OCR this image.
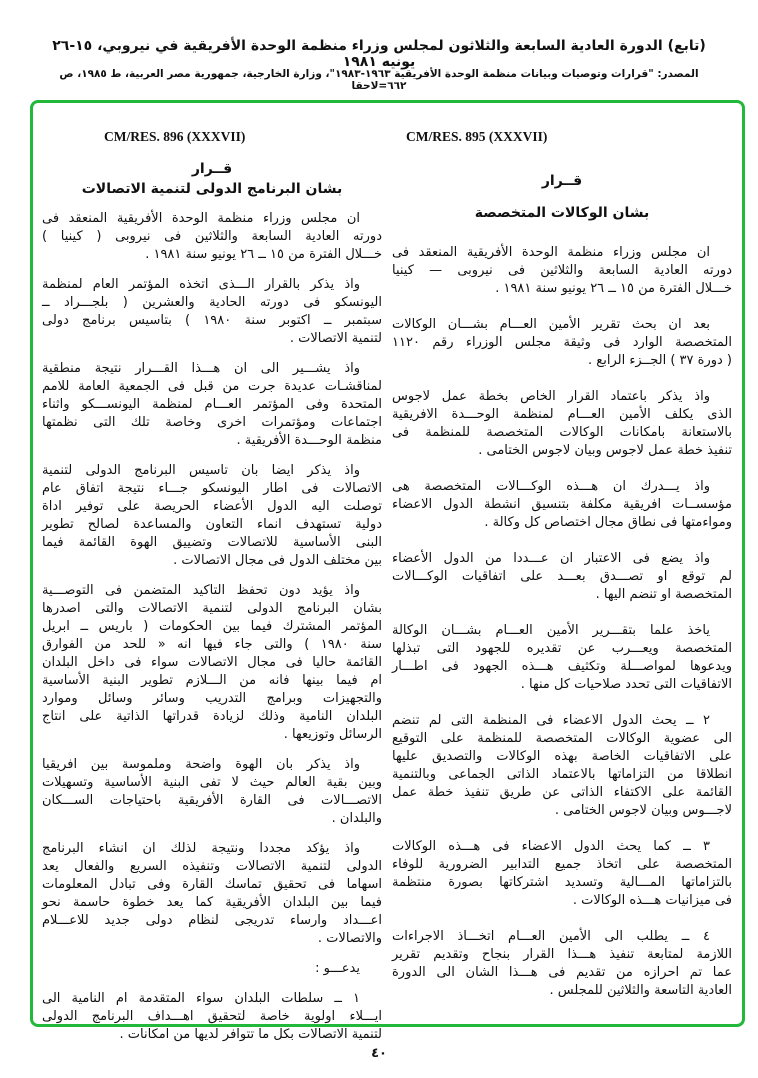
(تابع) الدورة العادية السابعة والثلاثون لمجلس وزراء منظمة الوحدة الأفريقية في نيروبي، ١٥-٢٦ يونيه ١٩٨١
المصدر: "قرارات وتوصيات وبيانات منظمة الوحدة الأفريقية ١٩٦٣-١٩٨٣"، وزارة الخارجية، جمهورية مصر العربية، ط ١٩٨٥، ص ٦٦٢=لاحقا
CM/RES. 895 (XXXVII)
قــرار
بشان الوكالات المتخصصة
ان مجلس وزراء منظمة الوحدة الأفريقية المنعقد فى
دورته العادية السابعة والثلاثين فى نيروبى — كينيا
خـــلال الفترة من ١٥ ــ ٢٦ يونيو سنة ١٩٨١ .
بعد ان بحث تقرير الأمين العـــام بشـــان الوكالات
المتخصصة الوارد فى وثيقة مجلس الوزراء رقم ١١٢٠
( دورة ٣٧ ) الجــزء الرابع .
واذ يذكر باعتماد القرار الخاص بخطة عمل لاجوس
الذى يكلف الأمين العـــام لمنظمة الوحـــدة الافريقية
بالاستعانة بامكانات الوكالات المتخصصة للمنظمة فى
تنفيذ خطة عمل لاجوس وبيان لاجوس الختامى .
واذ يـــدرك ان هـــذه الوكـــالات المتخصصة هى
مؤسســات افريقية مكلفة بتنسيق انشطة الدول الاعضاء
ومواءمتها فى نطاق مجال اختصاص كل وكالة .
واذ يضع فى الاعتبار ان عـــددا من الدول الأعضاء
لم توقع او تصـــدق بعـــد على اتفاقيات الوكـــالات
المتخصصة او تنضم اليها .
ياخذ علما بتقـــرير الأمين العـــام بشـــان الوكالة
المتخصصة ويعـــرب عن تقديره للجهود التى تبذلها
ويدعوها لمواصـــلة وتكثيف هـــذه الجهود فى اطـــار
الاتفاقيات التى تحدد صلاحيات كل منها .
٢ ــ يحث الدول الاعضاء فى المنظمة التى لم تنضم
الى عضوية الوكالات المتخصصة للمنظمة على التوقيع
على الاتفاقيات الخاصة بهذه الوكالات والتصديق عليها
انطلاقا من التزاماتها بالاعتماد الذاتى الجماعى وبالتنمية
القائمة على الاكتفاء الذاتى عن طريق تنفيذ خطة عمل
لاجـــوس وبيان لاجوس الختامى .
٣ ــ كما يحث الدول الاعضاء فى هـــذه الوكالات
المتخصصة على اتخاذ جميع التدابير الضرورية للوفاء
بالتزاماتها المـــالية وتسديد اشتركاتها بصورة منتظمة
فى ميزانيات هـــذه الوكالات .
٤ ــ يطلب الى الأمين العـــام اتخـــاذ الاجراءات
اللازمة لمتابعة تنفيذ هـــذا القرار بنجاح وتقديم تقرير
عما تم احرازه من تقديم فى هـــذا الشان الى الدورة
العادية التاسعة والثلاثين للمجلس .
CM/RES. 896 (XXXVII)
قــرار
بشان البرنامج الدولى لتنمية الاتصالات
ان مجلس وزراء منظمة الوحدة الأفريقية المنعقد فى
دورته العادية السابعة والثلاثين فى نيروبى ( كينيا )
خـــلال الفترة من ١٥ ــ ٢٦ يونيو سنة ١٩٨١ .
واذ يذكر بالقرار الـــذى اتخذه المؤتمر العام لمنظمة
اليونسكو فى دورته الحادية والعشرين ( بلجـــراد ــ
سبتمبر ــ اكتوبر سنة ١٩٨٠ ) بتاسيس برنامج دولى
لتنمية الاتصالات .
واذ يشـــير الى ان هـــذا القـــرار نتيجة منطقية
لمناقشـات عديدة جرت من قبل فى الجمعية العامة للامم
المتحدة وفى المؤتمر العـــام لمنظمة اليونســـكو واثناء
اجتماعات ومؤتمرات اخرى وخاصة تلك التى نظمتها
منظمة الوحـــدة الأفريقية .
واذ يذكر ايضا بان تاسيس البرنامج الدولى لتنمية
الاتصالات فى اطار اليونسكو جـــاء نتيجة اتفاق عام
توصلت اليه الدول الأعضاء الحريصة على توفير اداة
دولية تستهدف انماء التعاون والمساعدة لصالح تطوير
البنى الأساسية للاتصالات وتضييق الهوة القائمة فيما
بين مختلف الدول فى مجال الاتصالات .
واذ يؤيد دون تحفظ التاكيد المتضمن فى التوصـــية
بشان البرنامج الدولى لتنمية الاتصالات والتى اصدرها
المؤتمر المشترك فيما بين الحكومات ( باريس ــ ابريل
سنة ١٩٨٠ ) والتى جاء فيها انه « للحد من الفوارق
القائمة حاليا فى مجال الاتصالات سواء فى داخل البلدان
ام فيما بينها فانه من الـــلازم تطوير البنية الأساسية
والتجهيزات وبرامج التدريب وسائر وسائل وموارد
البلدان النامية وذلك لزيادة قدراتها الذاتية على انتاج
الرسائل وتوزيعها .
واذ يذكر بان الهوة واضحة وملموسة بين افريقيا
وبين بقية العالم حيث لا تفى البنية الأساسية وتسهيلات
الاتصـــالات فى القارة الأفريقية باحتياجات الســـكان
والبلدان .
واذ يؤكد مجددا ونتيجة لذلك ان انشاء البرنامج
الدولى لتنمية الاتصالات وتنفيذه السريع والفعال يعد
اسهاما فى تحقيق تماسك القارة وفى تبادل المعلومات
فيما بين البلدان الأفريقية كما يعد خطوة حاسمة نحو
اعـــداد وارساء تدريجى لنظام دولى جديد للاعـــلام
والاتصالات .
يدعـــو :
١ ــ سلطات البلدان سواء المتقدمة ام النامية الى
ايـــلاء اولوية خاصة لتحقيق اهـــداف البرنامج الدولى
لتنمية الاتصالات بكل ما تتوافر لديها من امكانات .
٤٠
